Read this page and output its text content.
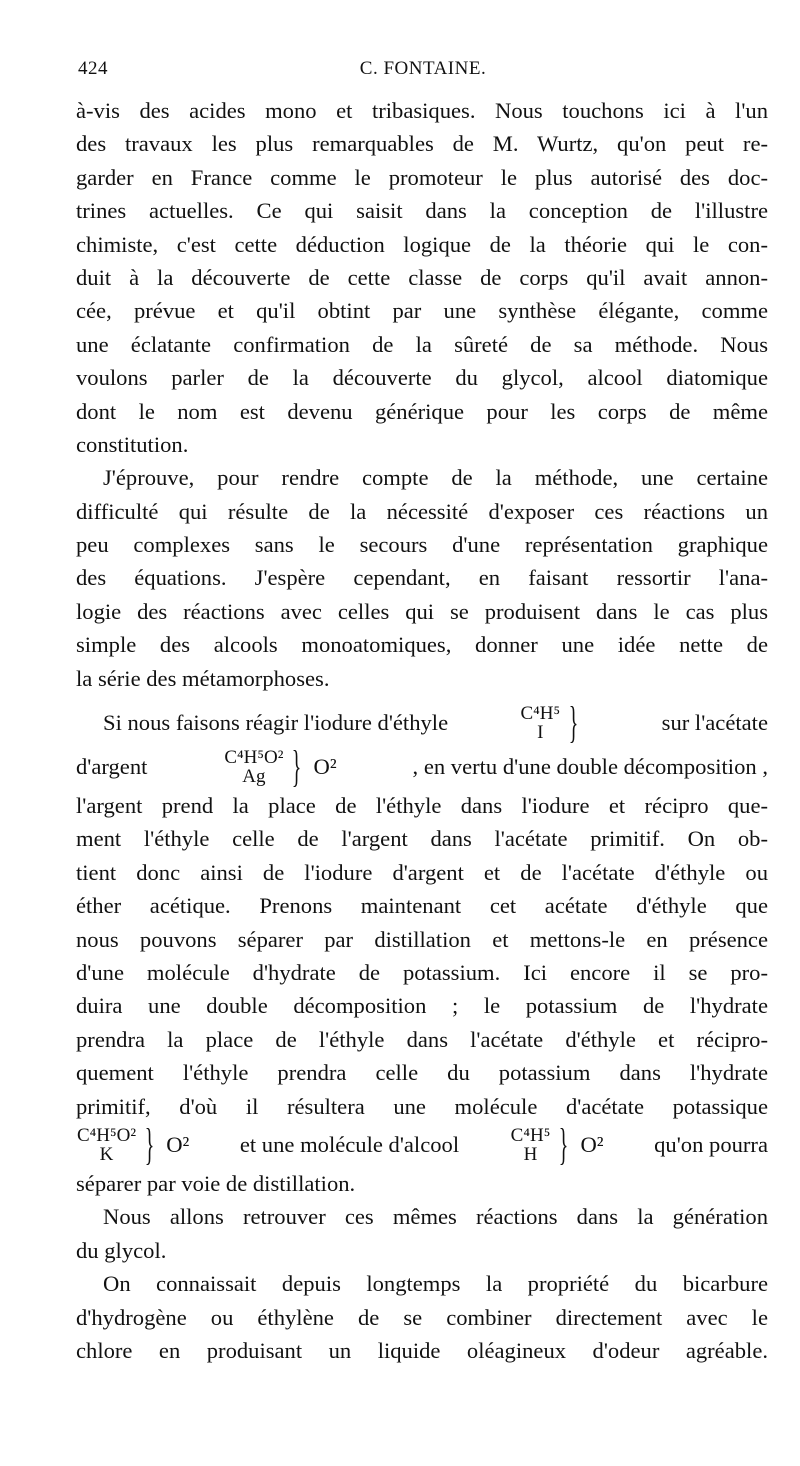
424	C. FONTAINE.
à-vis des acides mono et tribasiques. Nous touchons ici à l'un
des travaux les plus remarquables de M. Wurtz, qu'on peut re-
garder en France comme le promoteur le plus autorisé des doc-
trines actuelles. Ce qui saisit dans la conception de l'illustre
chimiste, c'est cette déduction logique de la théorie qui le con-
duit à la découverte de cette classe de corps qu'il avait annon-
cée, prévue et qu'il obtint par une synthèse élégante, comme
une éclatante confirmation de la sûreté de sa méthode. Nous
voulons parler de la découverte du glycol, alcool diatomique
dont le nom est devenu générique pour les corps de même
constitution.
J'éprouve, pour rendre compte de la méthode, une certaine
difficulté qui résulte de la nécessité d'exposer ces réactions un
peu complexes sans le secours d'une représentation graphique
des équations. J'espère cependant, en faisant ressortir l'ana-
logie des réactions avec celles qui se produisent dans le cas plus
simple des alcools monoatomiques, donner une idée nette de
la série des métamorphoses.
Si nous faisons réagir l'iodure d'éthyle	C⁴H⁵
I }	sur l'acétate
d'argent	C⁴H⁵O²
Ag } O²	, en vertu d'une double décomposition ,
l'argent prend la place de l'éthyle dans l'iodure et récipro que-
ment l'éthyle celle de l'argent dans l'acétate primitif. On ob-
tient donc ainsi de l'iodure d'argent et de l'acétate d'éthyle ou
éther acétique. Prenons maintenant cet acétate d'éthyle que
nous pouvons séparer par distillation et mettons-le en présence
d'une molécule d'hydrate de potassium. Ici encore il se pro-
duira une double décomposition ; le potassium de l'hydrate
prendra la place de l'éthyle dans l'acétate d'éthyle et récipro-
quement l'éthyle prendra celle du potassium dans l'hydrate
primitif, d'où il résultera une molécule d'acétate potassique
C⁴H⁵O²
K } O² et une molécule d'alcool	C⁴H⁵
H } O² qu'on pourra
séparer par voie de distillation.
Nous allons retrouver ces mêmes réactions dans la génération
du glycol.
On connaissait depuis longtemps la propriété du bicarbure
d'hydrogène ou éthylène de se combiner directement avec le
chlore en produisant un liquide oléagineux d'odeur agréable.
